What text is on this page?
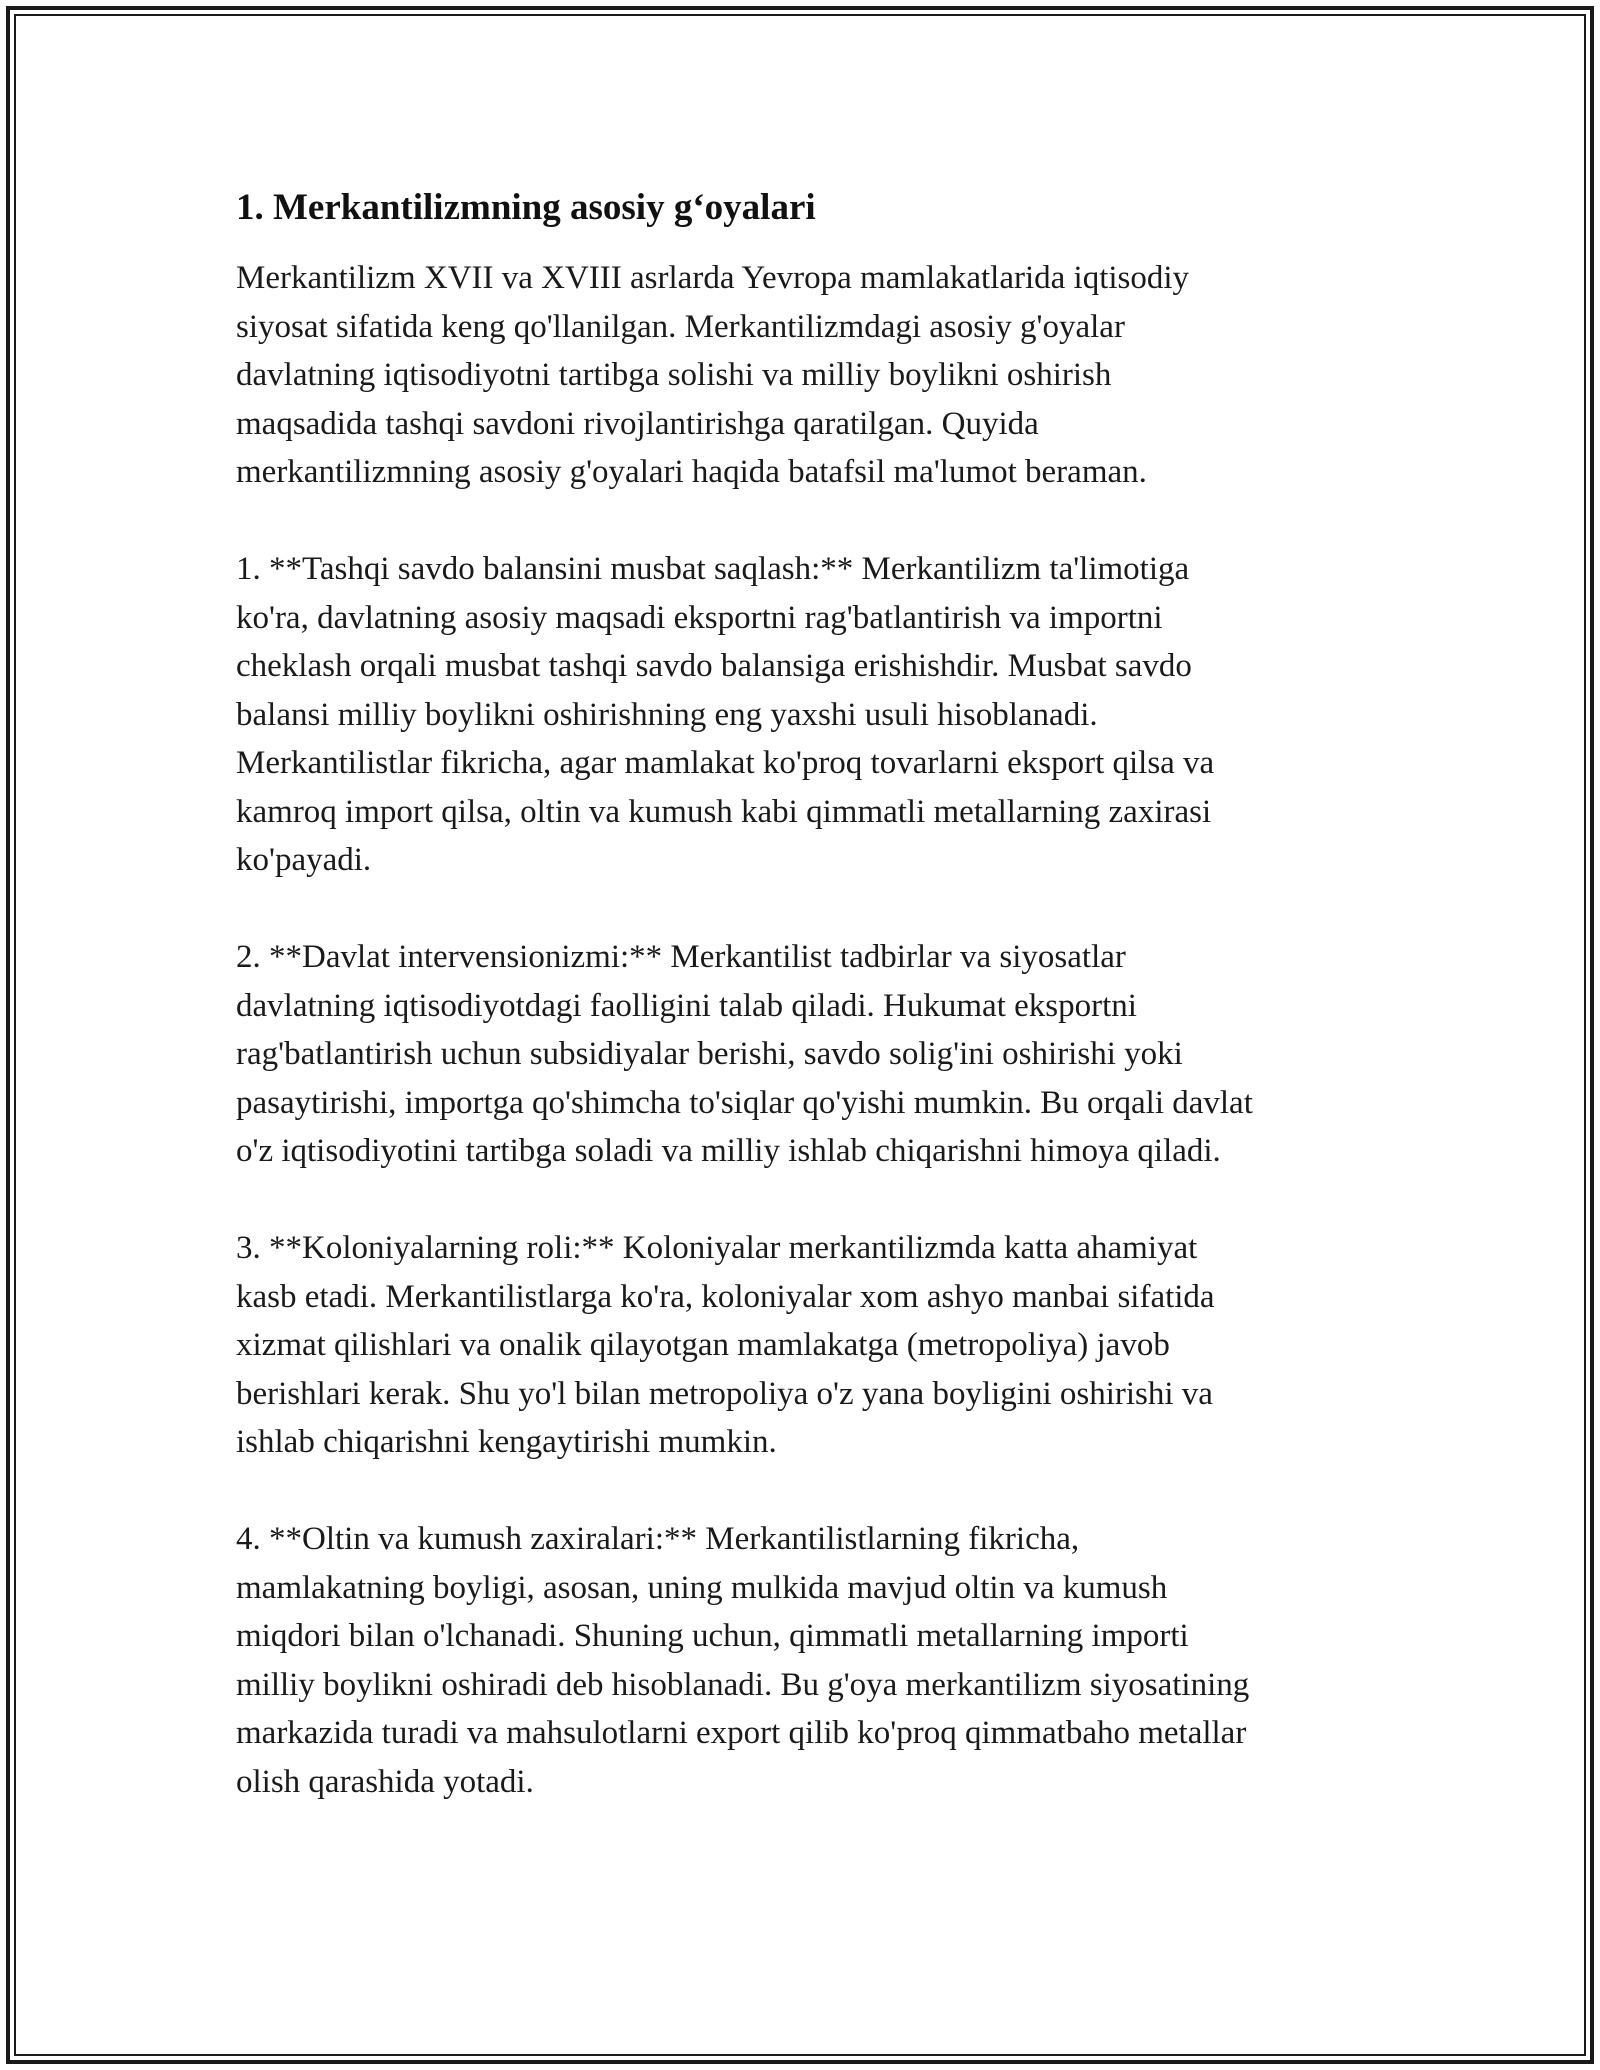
1. Merkantilizmning asosiy g‘oyalari

Merkantilizm XVII va XVIII asrlarda Yevropa mamlakatlarida iqtisodiy
siyosat sifatida keng qo'llanilgan. Merkantilizmdagi asosiy g'oyalar
davlatning iqtisodiyotni tartibga solishi va milliy boylikni oshirish
maqsadida tashqi savdoni rivojlantirishga qaratilgan. Quyida
merkantilizmning asosiy g'oyalari haqida batafsil ma'lumot beraman.

1. **Tashqi savdo balansini musbat saqlash:** Merkantilizm ta'limotiga
ko'ra, davlatning asosiy maqsadi eksportni rag'batlantirish va importni
cheklash orqali musbat tashqi savdo balansiga erishishdir. Musbat savdo
balansi milliy boylikni oshirishning eng yaxshi usuli hisoblanadi.
Merkantilistlar fikricha, agar mamlakat ko'proq tovarlarni eksport qilsa va
kamroq import qilsa, oltin va kumush kabi qimmatli metallarning zaxirasi
ko'payadi.

2. **Davlat intervensionizmi:** Merkantilist tadbirlar va siyosatlar
davlatning iqtisodiyotdagi faolligini talab qiladi. Hukumat eksportni
rag'batlantirish uchun subsidiyalar berishi, savdo solig'ini oshirishi yoki
pasaytirishi, importga qo'shimcha to'siqlar qo'yishi mumkin. Bu orqali davlat
o'z iqtisodiyotini tartibga soladi va milliy ishlab chiqarishni himoya qiladi.

3. **Koloniyalarning roli:** Koloniyalar merkantilizmda katta ahamiyat
kasb etadi. Merkantilistlarga ko'ra, koloniyalar xom ashyo manbai sifatida
xizmat qilishlari va onalik qilayotgan mamlakatga (metropoliya) javob
berishlari kerak. Shu yo'l bilan metropoliya o'z yana boyligini oshirishi va
ishlab chiqarishni kengaytirishi mumkin.

4. **Oltin va kumush zaxiralari:** Merkantilistlarning fikricha,
mamlakatning boyligi, asosan, uning mulkida mavjud oltin va kumush
miqdori bilan o'lchanadi. Shuning uchun, qimmatli metallarning importi
milliy boylikni oshiradi deb hisoblanadi. Bu g'oya merkantilizm siyosatining
markazida turadi va mahsulotlarni export qilib ko'proq qimmatbaho metallar
olish qarashida yotadi.
